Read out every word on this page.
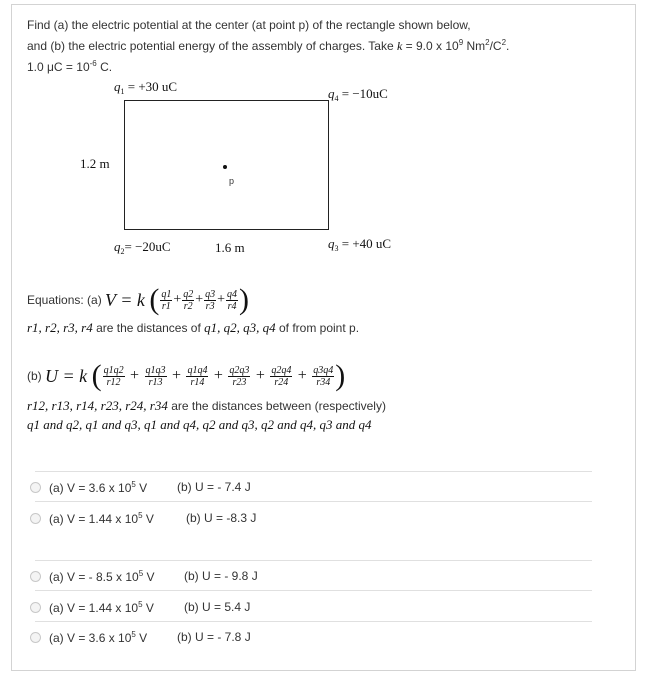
Find (a) the electric potential at the center (at point p) of the rectangle shown below,
and (b) the electric potential energy of the assembly of charges. Take k = 9.0 x $10^9$ $Nm^2/C^2$.
1.0 $\mu C = 10^{-6}$ C.
p
$q_1 = +30$ uC	$q_4 = -10uC$
1.2 m
$q_2= -20uC$	1.6 m	$q_3 = +40$ uC
Equations: (a) V = k ( $\frac{q1}{r1} + \frac{q2}{r2} + \frac{q3}{r3} + \frac{q4}{r4}$ )
r1, r2, r3, r4 are the distances of q1, q2, q3, q4 of from point p.
(b) U = k ( $\frac{q1q2}{r12} + \frac{q1q3}{r13} + \frac{q1q4}{r14} + \frac{q2q3}{r23} + \frac{q2q4}{r24} + \frac{q3q4}{r34}$ )
r12, r13, r14, r23, r24, r34 are the distances between (respectively)
q1 and q2, q1 and q3, q1 and q4, q2 and q3, q2 and q4, q3 and q4
(a) V = 3.6 x $10^5$ V (b) U = - 7.4 J
(a) V = 1.44 x $10^5$ V	(b) U = -8.3 J
(a) V = - 8.5 x $10^5$ V (b) U = - 9.8 J
(a) V = 1.44 x $10^5$ V	(b) U = 5.4 J
(a) V = 3.6 x $10^5$ V (b) U = - 7.8 J
